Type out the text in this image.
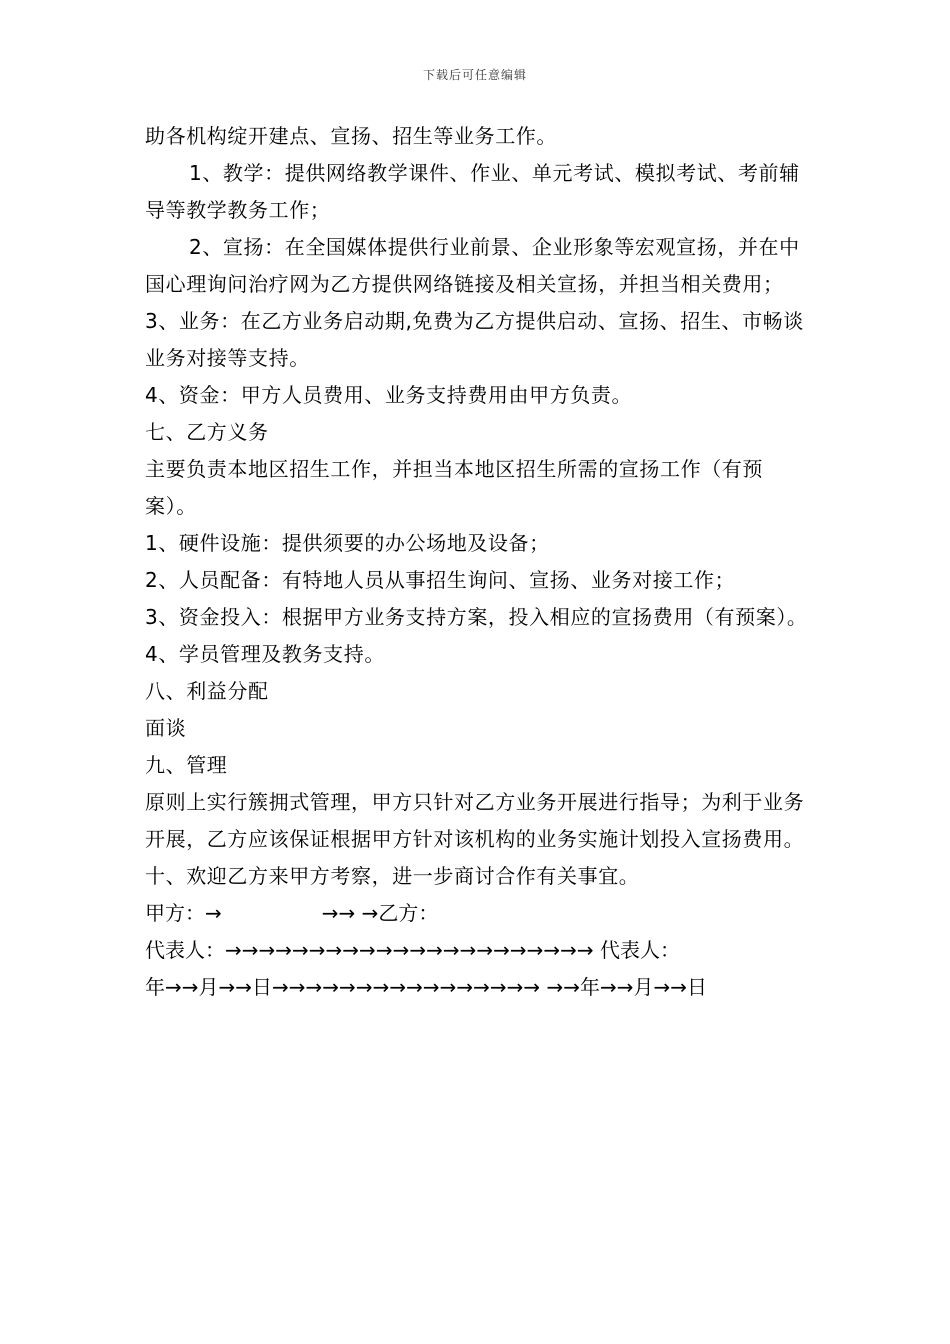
下载后可任意编辑

助各机构绽开建点、宣扬、招生等业务工作。

1、教学：提供网络教学课件、作业、单元考试、模拟考试、考前辅导等教学教务工作；

2、宣扬：在全国媒体提供行业前景、企业形象等宏观宣扬，并在中国心理询问治疗网为乙方提供网络链接及相关宣扬，并担当相关费用；

3、业务：在乙方业务启动期,免费为乙方提供启动、宣扬、招生、市畅谈业务对接等支持。

4、资金：甲方人员费用、业务支持费用由甲方负责。

七、乙方义务

主要负责本地区招生工作，并担当本地区招生所需的宣扬工作（有预案）。

1、硬件设施：提供须要的办公场地及设备；

2、人员配备：有特地人员从事招生询问、宣扬、业务对接工作；

3、资金投入：根据甲方业务支持方案，投入相应的宣扬费用（有预案）。

4、学员管理及教务支持。

八、利益分配

面谈

九、管理

原则上实行簇拥式管理，甲方只针对乙方业务开展进行指导；为利于业务开展，乙方应该保证根据甲方针对该机构的业务实施计划投入宣扬费用。

十、欢迎乙方来甲方考察，进一步商讨合作有关事宜。

甲方：→　　　　　→→ →乙方：

代表人：→→→→→→→→→→→→→→→→→→→→→→ 代表人：

年→→月→→日→→→→→→→→→→→→→→→→ →→年→→月→→日
